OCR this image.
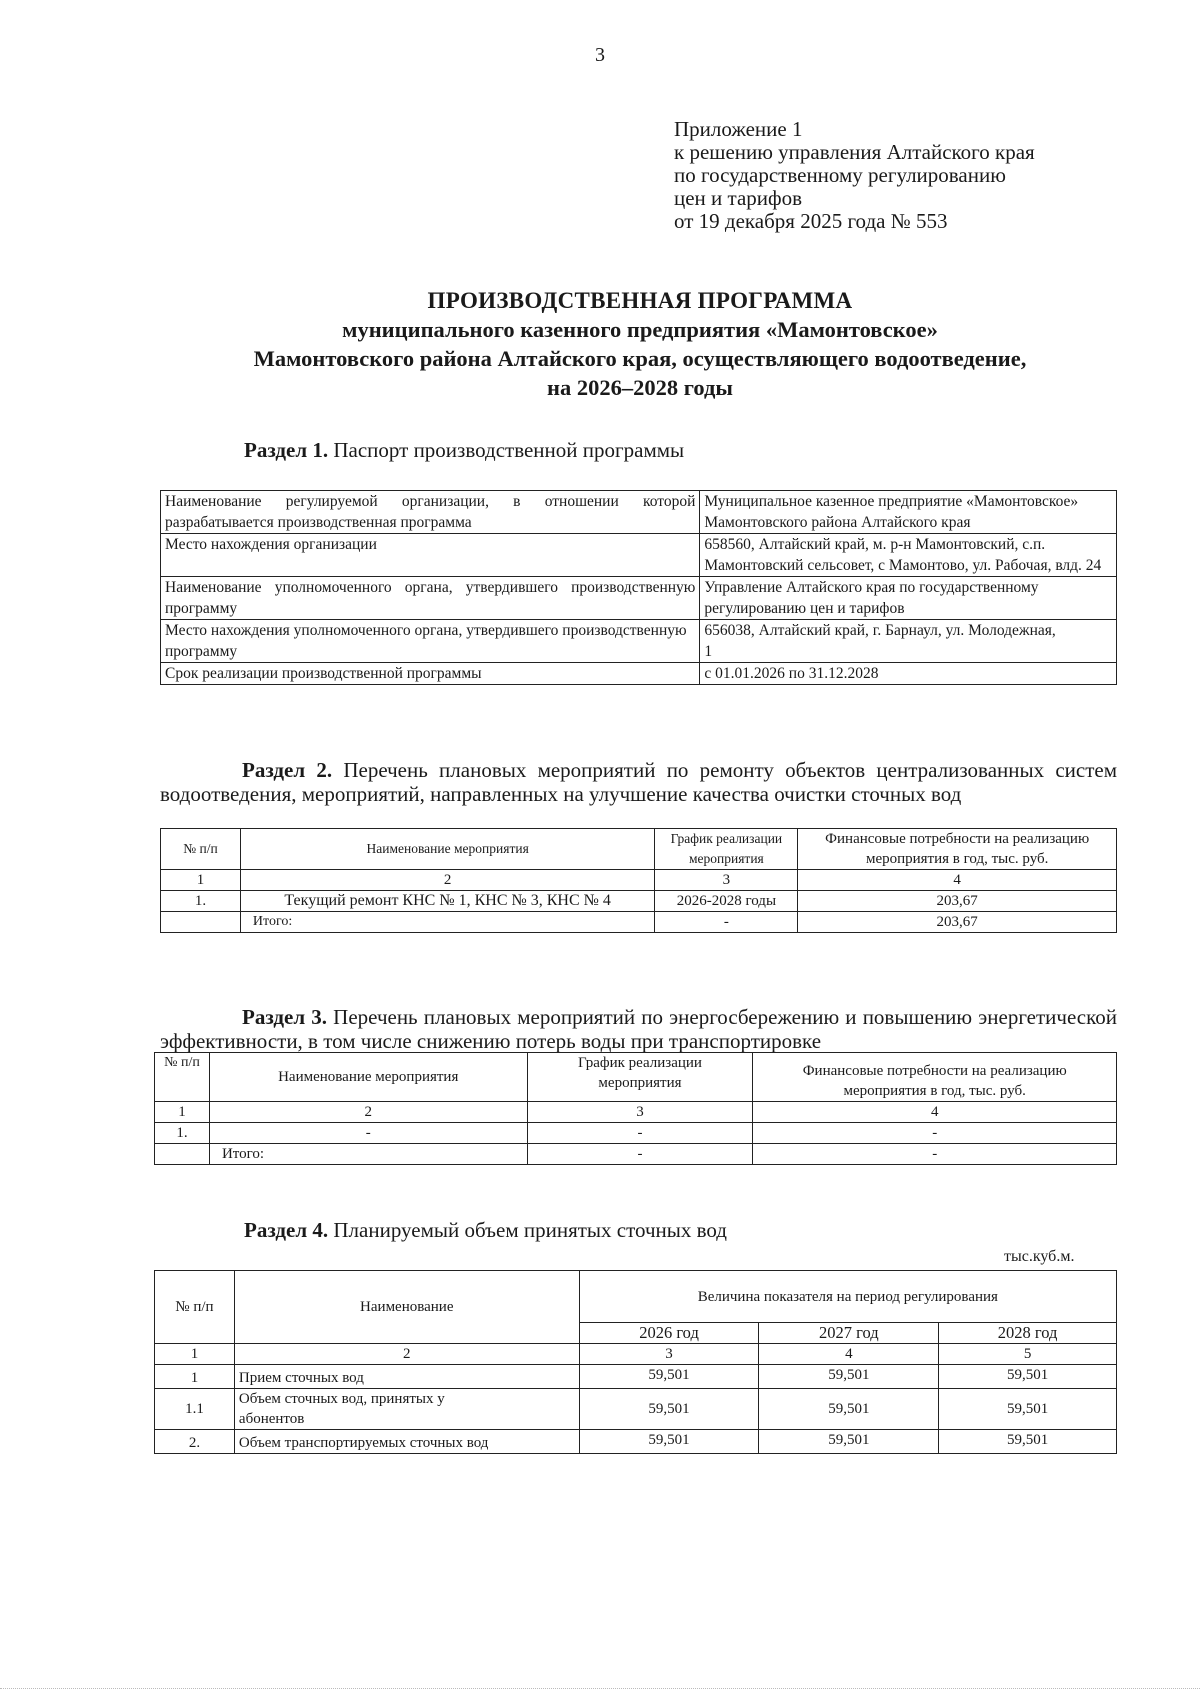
3
Приложение 1
к решению управления Алтайского края
по государственному регулированию
цен и тарифов
от 19 декабря 2025 года № 553
ПРОИЗВОДСТВЕННАЯ ПРОГРАММА
муниципального казенного предприятия «Мамонтовское»
Мамонтовского района Алтайского края, осуществляющего водоотведение,
на 2026–2028 годы
Раздел 1. Паспорт производственной программы
Наименование регулируемой организации, в отношении которой разрабатывается производственная программа	Муниципальное казенное предприятие «Мамонтовское» Мамонтовского района Алтайского края
Место нахождения организации	658560, Алтайский край, м. р-н Мамонтовский, с.п. Мамонтовский сельсовет, с Мамонтово, ул. Рабочая, влд. 24
Наименование уполномоченного органа, утвердившего производственную программу	Управление Алтайского края по государственному регулированию цен и тарифов
Место нахождения уполномоченного органа, утвердившего производственную программу	656038, Алтайский край, г. Барнаул, ул. Молодежная, 1
Срок реализации производственной программы	с 01.01.2026 по 31.12.2028
Раздел 2. Перечень плановых мероприятий по ремонту объектов централизованных систем водоотведения, мероприятий, направленных на улучшение качества очистки сточных вод
№ п/п	Наименование мероприятия	График реализации мероприятия	Финансовые потребности на реализацию мероприятия в год, тыс. руб.
1	2	3	4
1.	Текущий ремонт КНС № 1, КНС № 3, КНС № 4	2026-2028 годы	203,67
	Итого:	-	203,67
Раздел 3. Перечень плановых мероприятий по энергосбережению и повышению энергетической эффективности, в том числе снижению потерь воды при транспортировке
№ п/п	Наименование мероприятия	График реализации мероприятия	Финансовые потребности на реализацию мероприятия в год, тыс. руб.
1	2	3	4
1.	-	-	-
	Итого:	-	-
Раздел 4. Планируемый объем принятых сточных вод
тыс.куб.м.
№ п/п	Наименование	Величина показателя на период регулирования		
		2026 год	2027 год	2028 год
1	2	3	4	5
1	Прием сточных вод	59,501	59,501	59,501
1.1	Объем сточных вод, принятых у абонентов	59,501	59,501	59,501
2.	Объем транспортируемых сточных вод	59,501	59,501	59,501
